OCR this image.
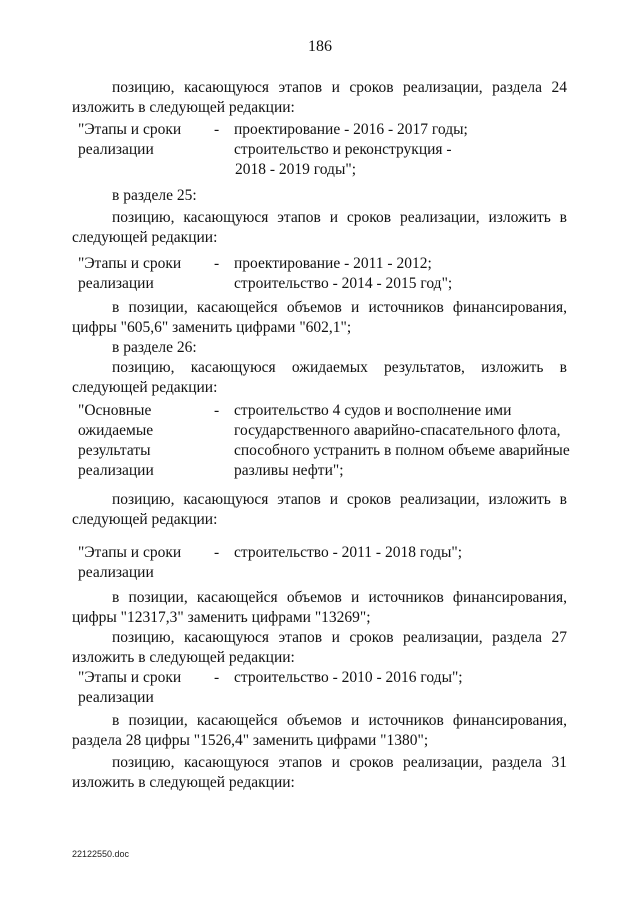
186
позицию, касающуюся этапов и сроков реализации, раздела 24
изложить в следующей редакции:
"Этапы и сроки
реализации
- проектирование - 2016 - 2017 годы;
строительство и реконструкция -
2018 - 2019 годы";
в разделе 25:
позицию, касающуюся этапов и сроков реализации, изложить в
следующей редакции:
"Этапы и сроки
реализации
- проектирование - 2011 - 2012;
строительство - 2014 - 2015 год";
в позиции, касающейся объемов и источников финансирования,
цифры "605,6" заменить цифрами "602,1";
в разделе 26:
позицию, касающуюся ожидаемых результатов, изложить в
следующей редакции:
"Основные
ожидаемые
результаты
реализации
- строительство 4 судов и восполнение ими
государственного аварийно-спасательного флота,
способного устранить в полном объеме аварийные
разливы нефти";
позицию, касающуюся этапов и сроков реализации, изложить в
следующей редакции:
"Этапы и сроки
реализации
- строительство - 2011 - 2018 годы";
в позиции, касающейся объемов и источников финансирования,
цифры "12317,3" заменить цифрами "13269";
позицию, касающуюся этапов и сроков реализации, раздела 27
изложить в следующей редакции:
"Этапы и сроки
реализации
- строительство - 2010 - 2016 годы";
в позиции, касающейся объемов и источников финансирования,
раздела 28 цифры "1526,4" заменить цифрами "1380";
позицию, касающуюся этапов и сроков реализации, раздела 31
изложить в следующей редакции:
22122550.doc
